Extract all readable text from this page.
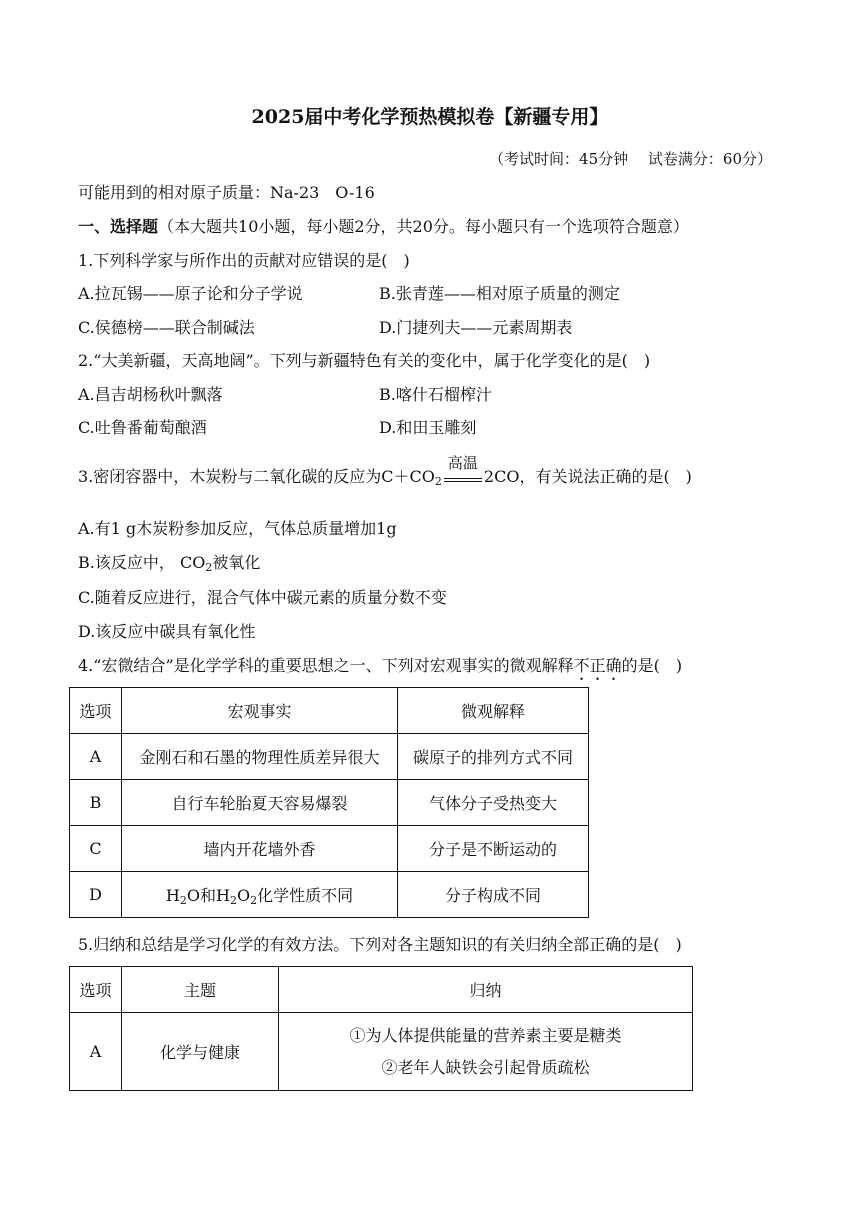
2025届中考化学预热模拟卷【新疆专用】
（考试时间：45分钟　 试卷满分：60分）
可能用到的相对原子质量：Na-23　O-16
一、选择题（本大题共10小题，每小题2分，共20分。每小题只有一个选项符合题意）
1.下列科学家与所作出的贡献对应错误的是(　)
A.拉瓦锡——原子论和分子学说	B.张青莲——相对原子质量的测定
C.侯德榜——联合制碱法	D.门捷列夫——元素周期表
2.“大美新疆，天高地阔”。下列与新疆特色有关的变化中，属于化学变化的是(　)
A.昌吉胡杨秋叶飘落	B.喀什石榴榨汁
C.吐鲁番葡萄酿酒	D.和田玉雕刻
3.密闭容器中，木炭粉与二氧化碳的反应为$C+CO_2$
高温
2CO，有关说法正确的是(　)
A.有1 g木炭粉参加反应，气体总质量增加1g
B.该反应中， $CO_2$被氧化
C.随着反应进行，混合气体中碳元素的质量分数不变
D.该反应中碳具有氧化性
4.“宏微结合”是化学学科的重要思想之一、下列对宏观事实的微观解释不正确的是(　)
选项	宏观事实	微观解释
A	金刚石和石墨的物理性质差异很大	碳原子的排列方式不同
B	自行车轮胎夏天容易爆裂	气体分子受热变大
C	墙内开花墙外香	分子是不断运动的
D	$H_2O$和$H_2O_2$化学性质不同	分子构成不同
5.归纳和总结是学习化学的有效方法。下列对各主题知识的有关归纳全部正确的是(　)
选项	主题	归纳
A	化学与健康	①为人体提供能量的营养素主要是糖类
②老年人缺铁会引起骨质疏松
